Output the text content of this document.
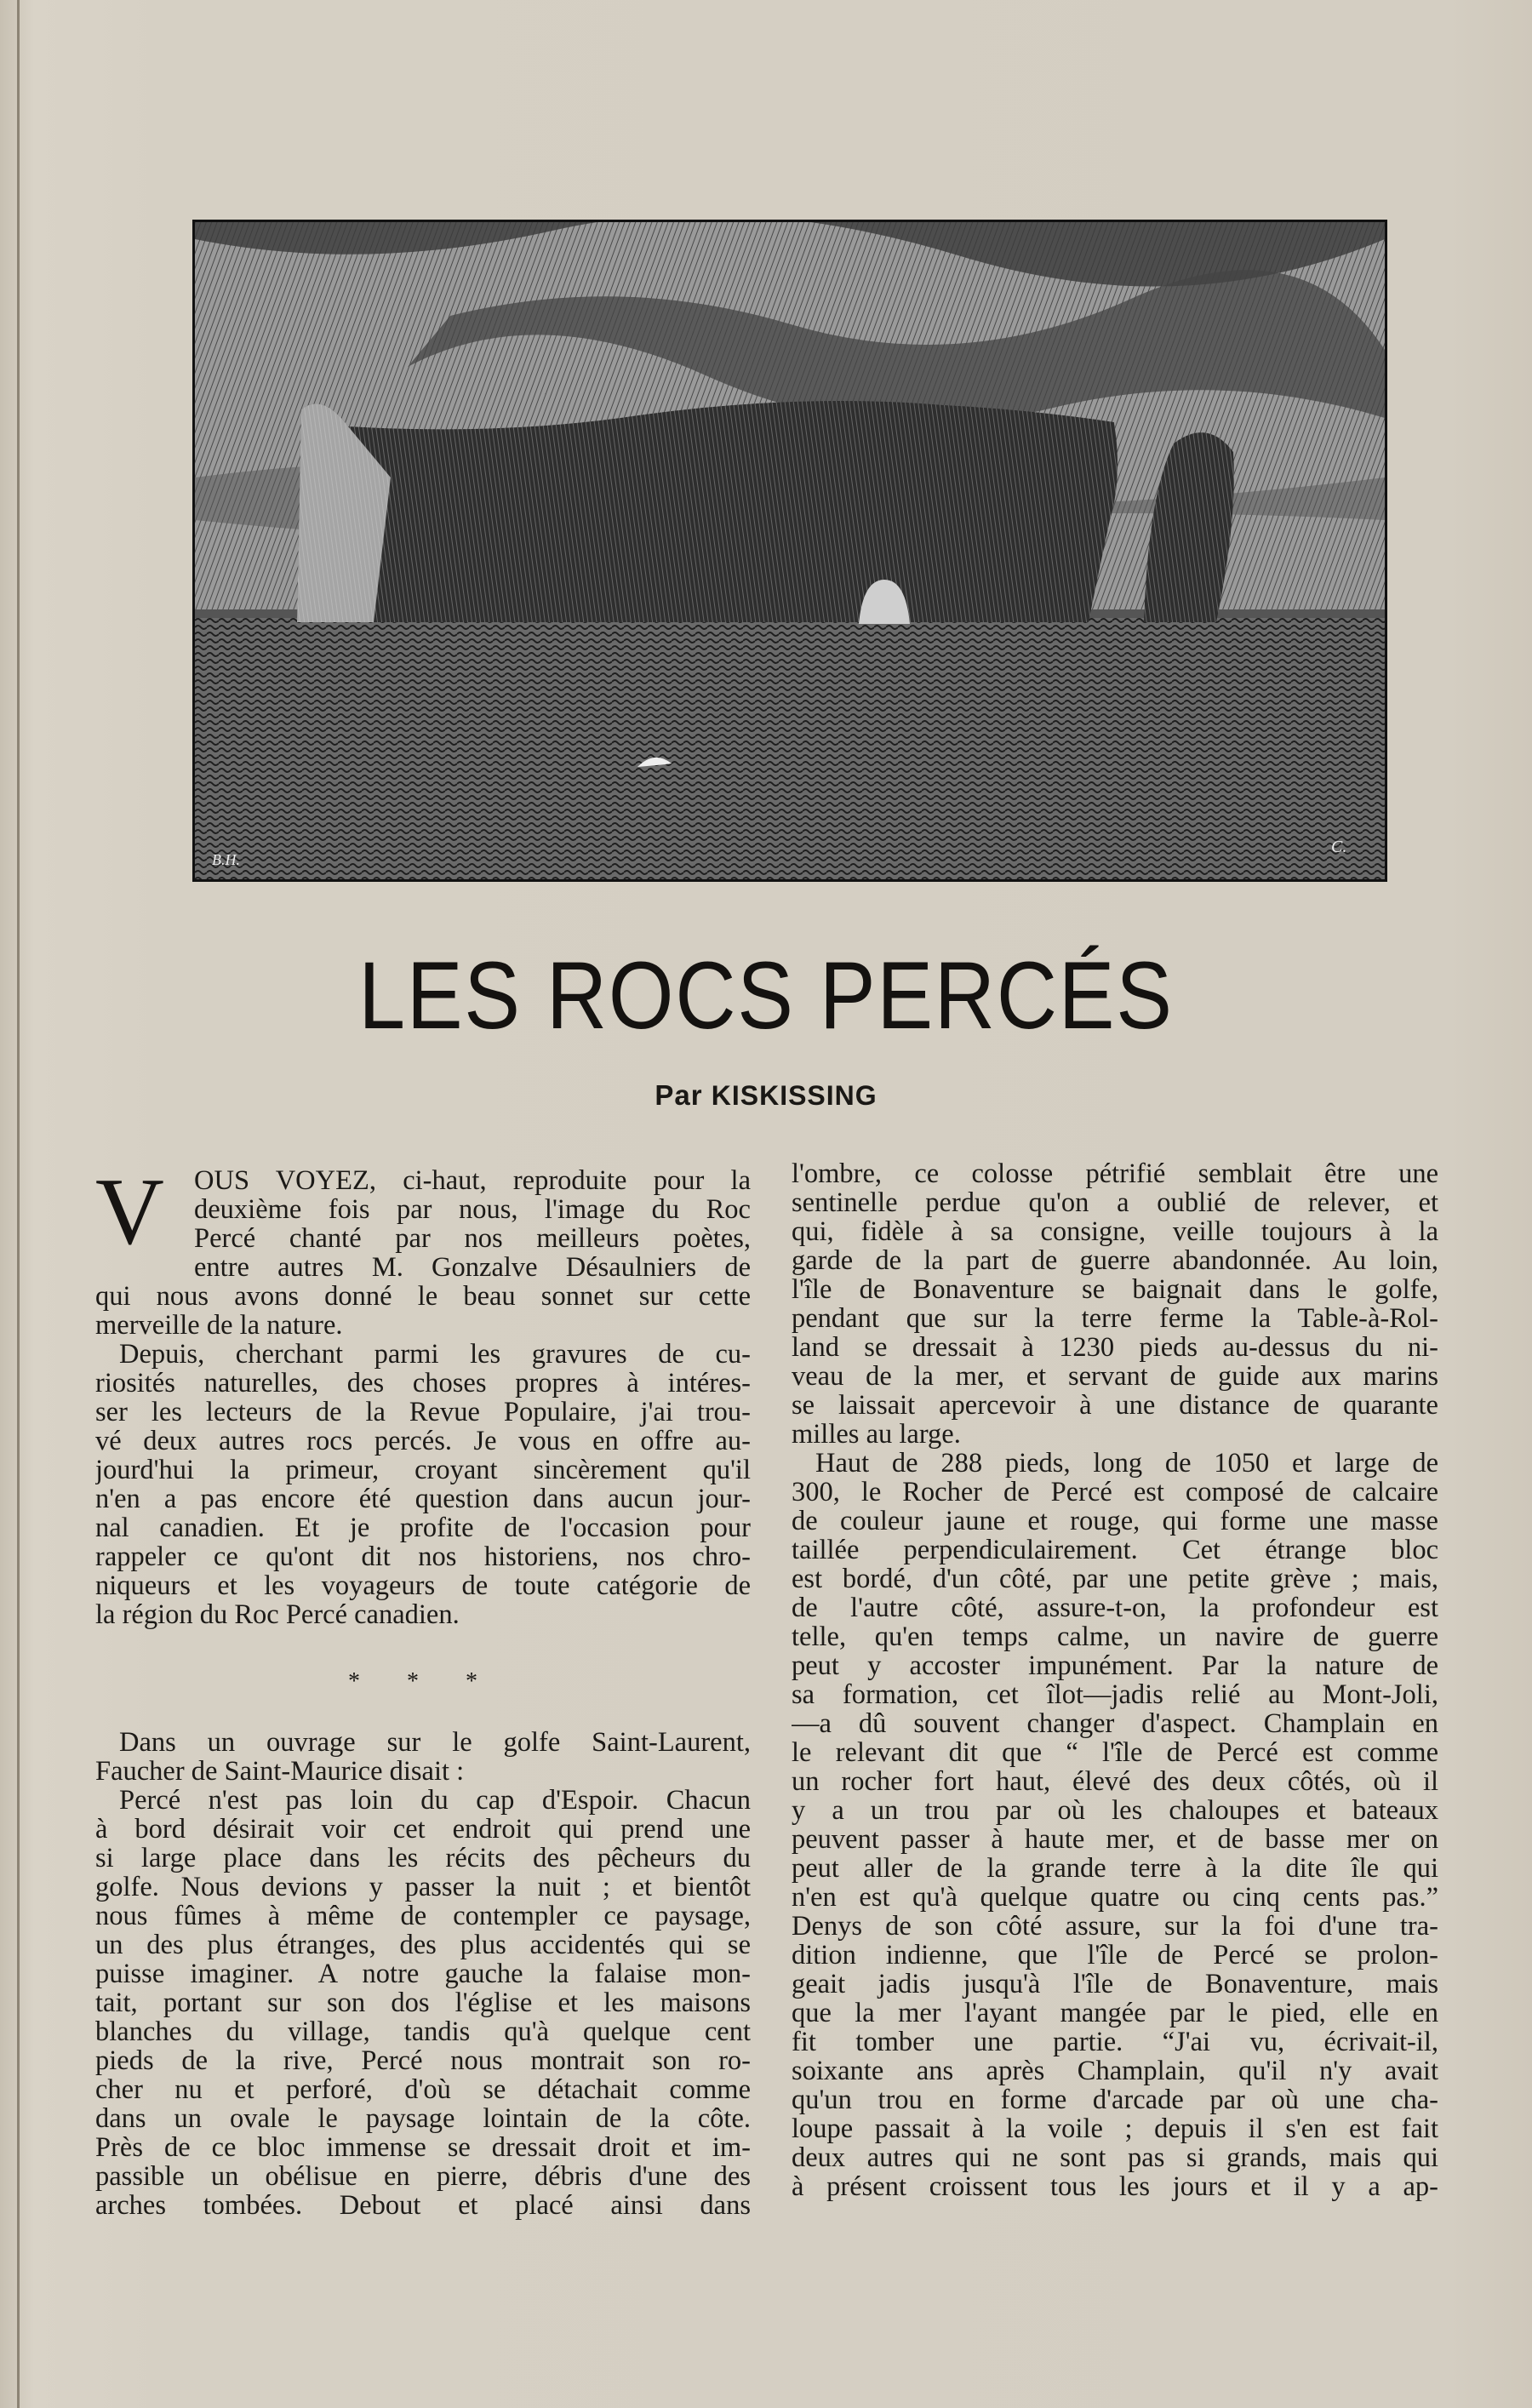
B.H.
C.
LES ROCS PERCÉS
Par KISKISSING
V OUS VOYEZ, ci-haut, reproduite pour la
deuxième fois par nous, l'image du Roc
Percé chanté par nos meilleurs poètes,
entre autres M. Gonzalve Désaulniers de
qui nous avons donné le beau sonnet sur cette
merveille de la nature.
Depuis, cherchant parmi les gravures de cu-
riosités naturelles, des choses propres à intéres-
ser les lecteurs de la Revue Populaire, j'ai trou-
vé deux autres rocs percés. Je vous en offre au-
jourd'hui la primeur, croyant sincèrement qu'il
n'en a pas encore été question dans aucun jour-
nal canadien. Et je profite de l'occasion pour
rappeler ce qu'ont dit nos historiens, nos chro-
niqueurs et les voyageurs de toute catégorie de
la région du Roc Percé canadien.
* * *
Dans un ouvrage sur le golfe Saint-Laurent,
Faucher de Saint-Maurice disait :
Percé n'est pas loin du cap d'Espoir. Chacun
à bord désirait voir cet endroit qui prend une
si large place dans les récits des pêcheurs du
golfe. Nous devions y passer la nuit ; et bientôt
nous fûmes à même de contempler ce paysage,
un des plus étranges, des plus accidentés qui se
puisse imaginer. A notre gauche la falaise mon-
tait, portant sur son dos l'église et les maisons
blanches du village, tandis qu'à quelque cent
pieds de la rive, Percé nous montrait son ro-
cher nu et perforé, d'où se détachait comme
dans un ovale le paysage lointain de la côte.
Près de ce bloc immense se dressait droit et im-
passible un obélisue en pierre, débris d'une des
arches tombées. Debout et placé ainsi dans
l'ombre, ce colosse pétrifié semblait être une
sentinelle perdue qu'on a oublié de relever, et
qui, fidèle à sa consigne, veille toujours à la
garde de la part de guerre abandonnée. Au loin,
l'île de Bonaventure se baignait dans le golfe,
pendant que sur la terre ferme la Table-à-Rol-
land se dressait à 1230 pieds au-dessus du ni-
veau de la mer, et servant de guide aux marins
se laissait apercevoir à une distance de quarante
milles au large.
Haut de 288 pieds, long de 1050 et large de
300, le Rocher de Percé est composé de calcaire
de couleur jaune et rouge, qui forme une masse
taillée perpendiculairement. Cet étrange bloc
est bordé, d'un côté, par une petite grève ; mais,
de l'autre côté, assure-t-on, la profondeur est
telle, qu'en temps calme, un navire de guerre
peut y accoster impunément. Par la nature de
sa formation, cet îlot—jadis relié au Mont-Joli,
—a dû souvent changer d'aspect. Champlain en
le relevant dit que “ l'île de Percé est comme
un rocher fort haut, élevé des deux côtés, où il
y a un trou par où les chaloupes et bateaux
peuvent passer à haute mer, et de basse mer on
peut aller de la grande terre à la dite île qui
n'en est qu'à quelque quatre ou cinq cents pas.”
Denys de son côté assure, sur la foi d'une tra-
dition indienne, que l'île de Percé se prolon-
geait jadis jusqu'à l'île de Bonaventure, mais
que la mer l'ayant mangée par le pied, elle en
fit tomber une partie. “J'ai vu, écrivait-il,
soixante ans après Champlain, qu'il n'y avait
qu'un trou en forme d'arcade par où une cha-
loupe passait à la voile ; depuis il s'en est fait
deux autres qui ne sont pas si grands, mais qui
à présent croissent tous les jours et il y a ap-
